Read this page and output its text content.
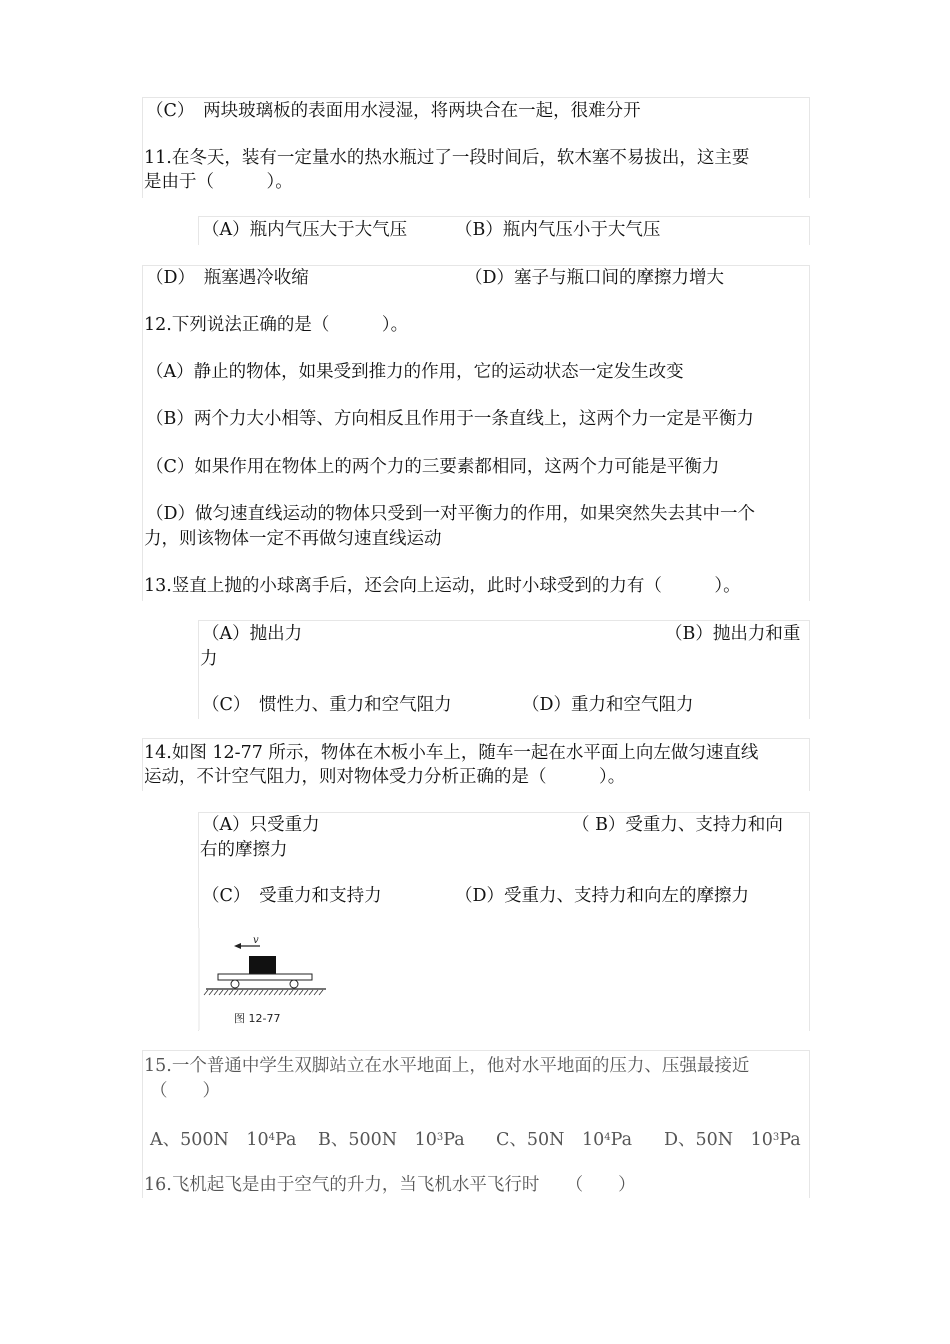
（C）　两块玻璃板的表面用水浸湿，将两块合在一起，很难分开
11.在冬天，装有一定量水的热水瓶过了一段时间后，软木塞不易拔出，这主要
是由于（　　　）。
（A）瓶内气压大于大气压	（B）瓶内气压小于大气压
（D）　瓶塞遇冷收缩	（D）塞子与瓶口间的摩擦力增大
12.下列说法正确的是（　　　）。
（A）静止的物体，如果受到推力的作用，它的运动状态一定发生改变
（B）两个力大小相等、方向相反且作用于一条直线上，这两个力一定是平衡力
（C）如果作用在物体上的两个力的三要素都相同，这两个力可能是平衡力
（D）做匀速直线运动的物体只受到一对平衡力的作用，如果突然失去其中一个
力，则该物体一定不再做匀速直线运动
13.竖直上抛的小球离手后，还会向上运动，此时小球受到的力有（　　　）。
（A）抛出力	（B）抛出力和重
力
（C）　惯性力、重力和空气阻力	（D）重力和空气阻力
14.如图 12-77 所示，物体在木板小车上，随车一起在水平面上向左做匀速直线
运动，不计空气阻力，则对物体受力分析正确的是（　　　）。
（A）只受重力	（ B）受重力、支持力和向
右的摩擦力
（C）　受重力和支持力	（D）受重力、支持力和向左的摩擦力
v
图 12-77
15.一个普通中学生双脚站立在水平地面上，他对水平地面的压力、压强最接近
（　　）
A、500N　$10^4Pa$ B、500N　$10^3Pa$ C、50N　$10^4Pa$ D、50N　$10^3Pa$
16.飞机起飞是由于空气的升力，当飞机水平飞行时　　（　　）
